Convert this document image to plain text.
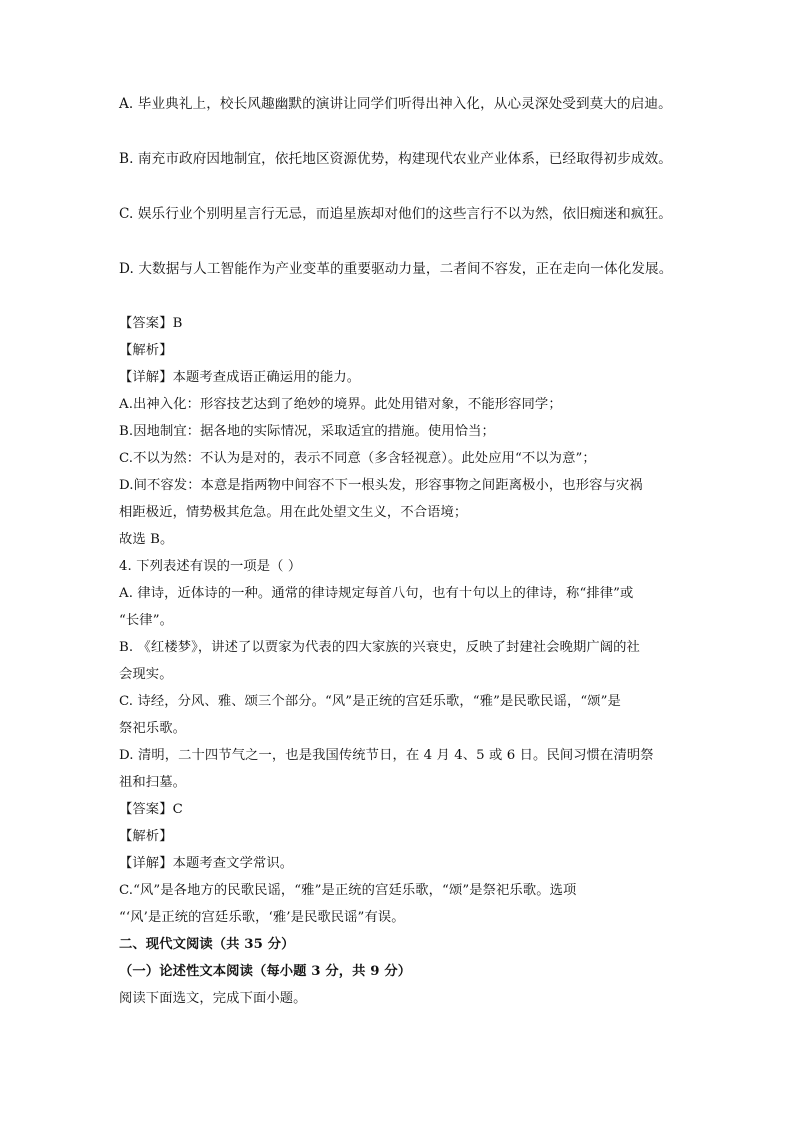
A. 毕业典礼上，校长风趣幽默的演讲让同学们听得出神入化，从心灵深处受到莫大的启迪。
B. 南充市政府因地制宜，依托地区资源优势，构建现代农业产业体系，已经取得初步成效。
C. 娱乐行业个别明星言行无忌，而追星族却对他们的这些言行不以为然，依旧痴迷和疯狂。
D. 大数据与人工智能作为产业变革的重要驱动力量，二者间不容发，正在走向一体化发展。
【答案】B
【解析】
【详解】本题考查成语正确运用的能力。
A.出神入化：形容技艺达到了绝妙的境界。此处用错对象，不能形容同学；
B.因地制宜：据各地的实际情况，采取适宜的措施。使用恰当；
C.不以为然：不认为是对的，表示不同意（多含轻视意）。此处应用“不以为意”；
D.间不容发：本意是指两物中间容不下一根头发，形容事物之间距离极小，也形容与灾祸
相距极近，情势极其危急。用在此处望文生义，不合语境；
故选 B。
4. 下列表述有误的一项是（ ）
A. 律诗，近体诗的一种。通常的律诗规定每首八句，也有十句以上的律诗，称“排律”或
“长律”。
B. 《红楼梦》，讲述了以贾家为代表的四大家族的兴衰史，反映了封建社会晚期广阔的社
会现实。
C. 诗经，分风、雅、颂三个部分。“风”是正统的宫廷乐歌，“雅”是民歌民谣，“颂”是
祭祀乐歌。
D. 清明，二十四节气之一，也是我国传统节日，在 4 月 4、5 或 6 日。民间习惯在清明祭
祖和扫墓。
【答案】C
【解析】
【详解】本题考查文学常识。
C.“风”是各地方的民歌民谣，“雅”是正统的宫廷乐歌，“颂”是祭祀乐歌。选项
“‘风’是正统的宫廷乐歌，‘雅’是民歌民谣”有误。
二、现代文阅读（共 35 分）
（一）论述性文本阅读（每小题 3 分，共 9 分）
阅读下面选文，完成下面小题。
